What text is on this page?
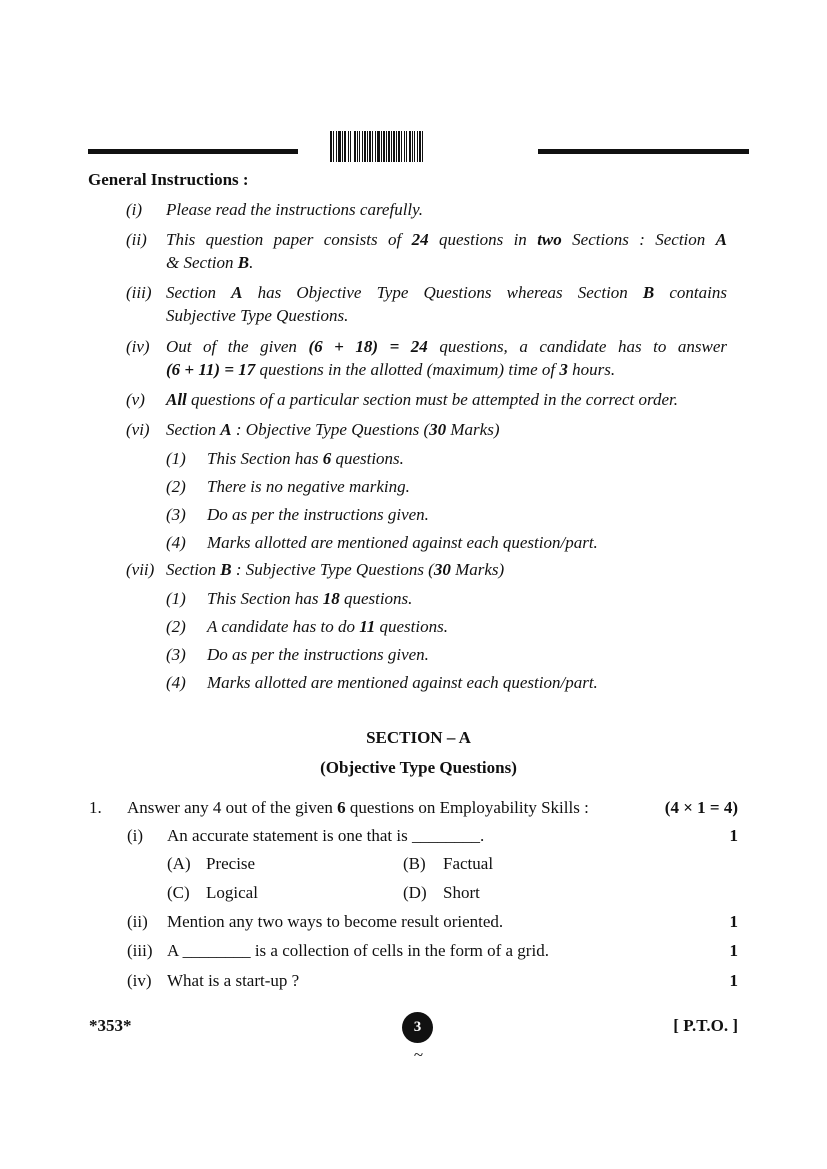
General Instructions :
(i) Please read the instructions carefully.
(ii) This question paper consists of 24 questions in two Sections : Section A
& Section B.
(iii) Section A has Objective Type Questions whereas Section B contains
Subjective Type Questions.
(iv) Out of the given (6 + 18) = 24 questions, a candidate has to answer
(6 + 11) = 17 questions in the allotted (maximum) time of 3 hours.
(v) All questions of a particular section must be attempted in the correct order.
(vi) Section A : Objective Type Questions (30 Marks)
(1) This Section has 6 questions.
(2) There is no negative marking.
(3) Do as per the instructions given.
(4) Marks allotted are mentioned against each question/part.
(vii) Section B : Subjective Type Questions (30 Marks)
(1) This Section has 18 questions.
(2) A candidate has to do 11 questions.
(3) Do as per the instructions given.
(4) Marks allotted are mentioned against each question/part.
SECTION – A
(Objective Type Questions)
1. Answer any 4 out of the given 6 questions on Employability Skills :	(4 × 1 = 4)
(i) An accurate statement is one that is ________.	1
(A) Precise	(B) Factual
(C) Logical	(D) Short
(ii) Mention any two ways to become result oriented.	1
(iii) A ________ is a collection of cells in the form of a grid.	1
(iv) What is a start-up ?	1
*353*	3	[ P.T.O. ]
~
